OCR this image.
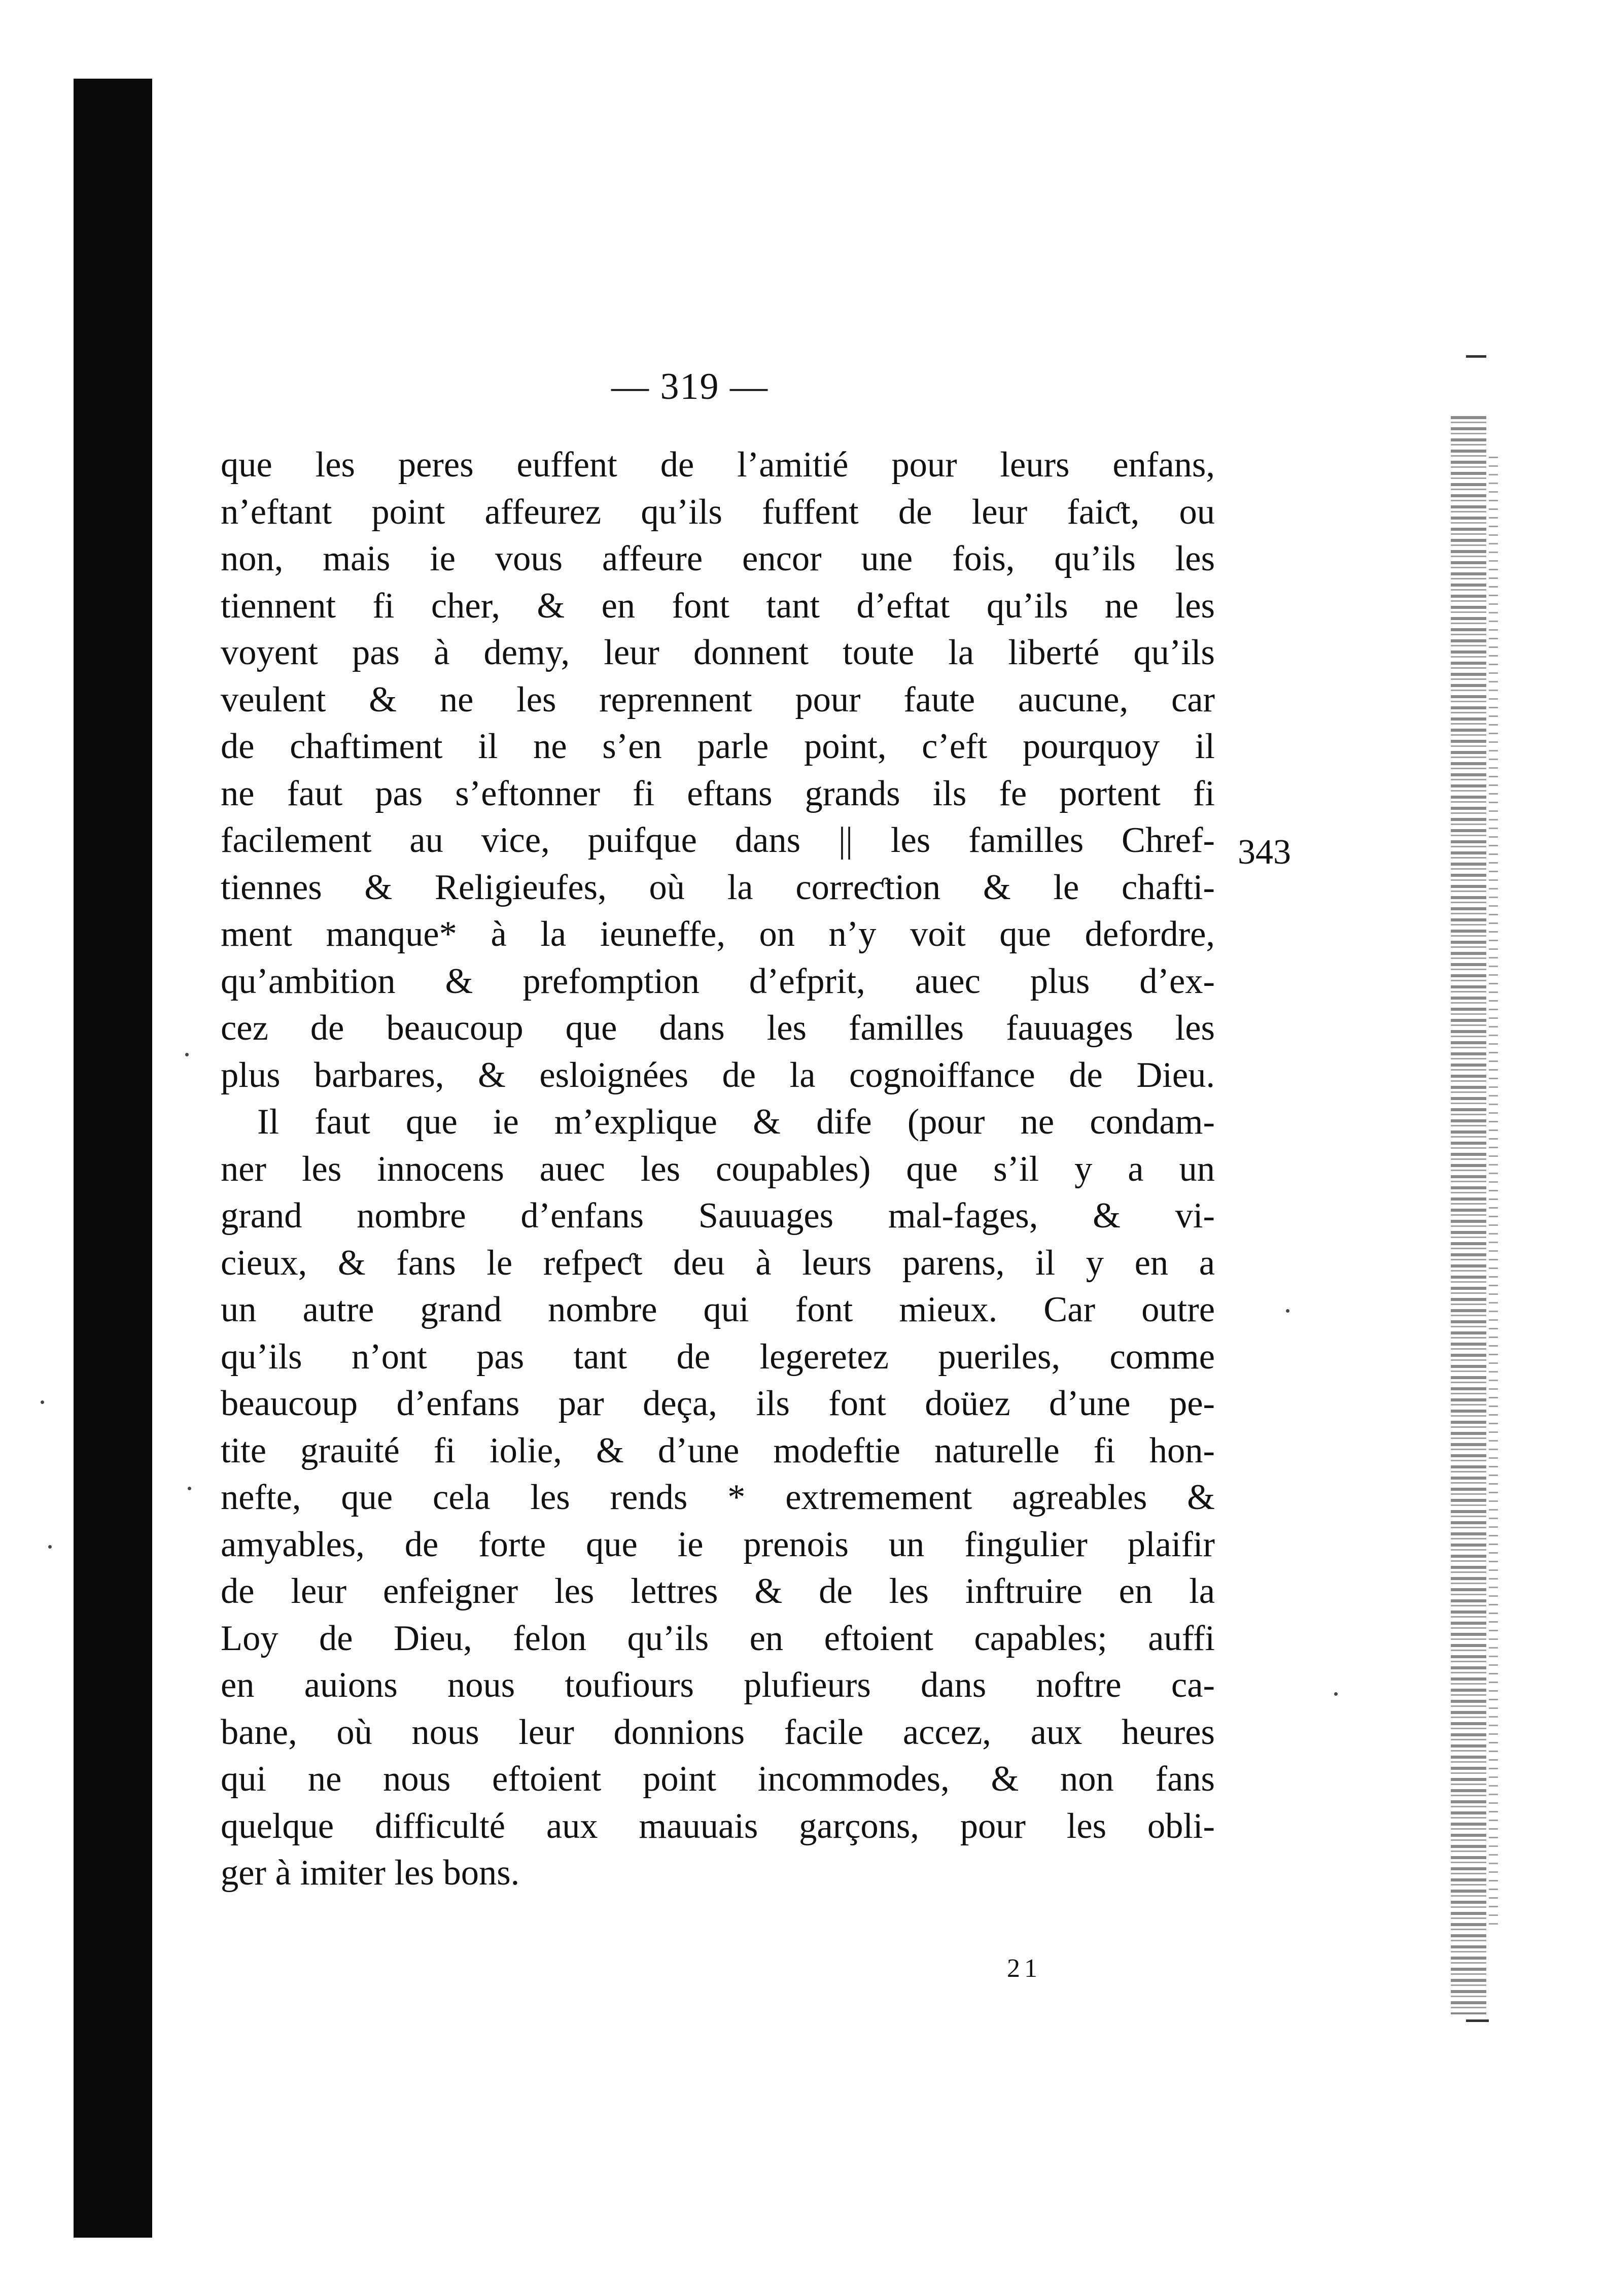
— 319 —
343

que les peres euffent de l’amitié pour leurs enfans,
n’eftant point affeurez qu’ils fuffent de leur faiƈt, ou
non, mais ie vous affeure encor une fois, qu’ils les
tiennent fi cher, & en font tant d’eftat qu’ils ne les
voyent pas à demy, leur donnent toute la liberté qu’ils
veulent & ne les reprennent pour faute aucune, car
de chaftiment il ne s’en parle point, c’eft pourquoy il
ne faut pas s’eftonner fi eftans grands ils fe portent fi
facilement au vice, puifque dans || les familles Chref-
tiennes & Religieufes, où la correƈtion & le chafti-
ment manque* à la ieuneffe, on n’y voit que defordre,
qu’ambition & prefomption d’efprit, auec plus d’ex-
cez de beaucoup que dans les familles fauuages les
plus barbares, & esloignées de la cognoiffance de Dieu.

Il faut que ie m’explique & dife (pour ne condam-
ner les innocens auec les coupables) que s’il y a un
grand nombre d’enfans Sauuages mal-fages, & vi-
cieux, & fans le refpeƈt deu à leurs parens, il y en a
un autre grand nombre qui font mieux. Car outre
qu’ils n’ont pas tant de legeretez pueriles, comme
beaucoup d’enfans par deça, ils font doüez d’une pe-
tite grauité fi iolie, & d’une modeftie naturelle fi hon-
nefte, que cela les rends * extremement agreables &
amyables, de forte que ie prenois un fingulier plaifir
de leur enfeigner les lettres & de les inftruire en la
Loy de Dieu, felon qu’ils en eftoient capables; auffi
en auions nous toufiours plufieurs dans noftre ca-
bane, où nous leur donnions facile accez, aux heures
qui ne nous eftoient point incommodes, & non fans
quelque difficulté aux mauuais garçons, pour les obli-
ger à imiter les bons.

21
